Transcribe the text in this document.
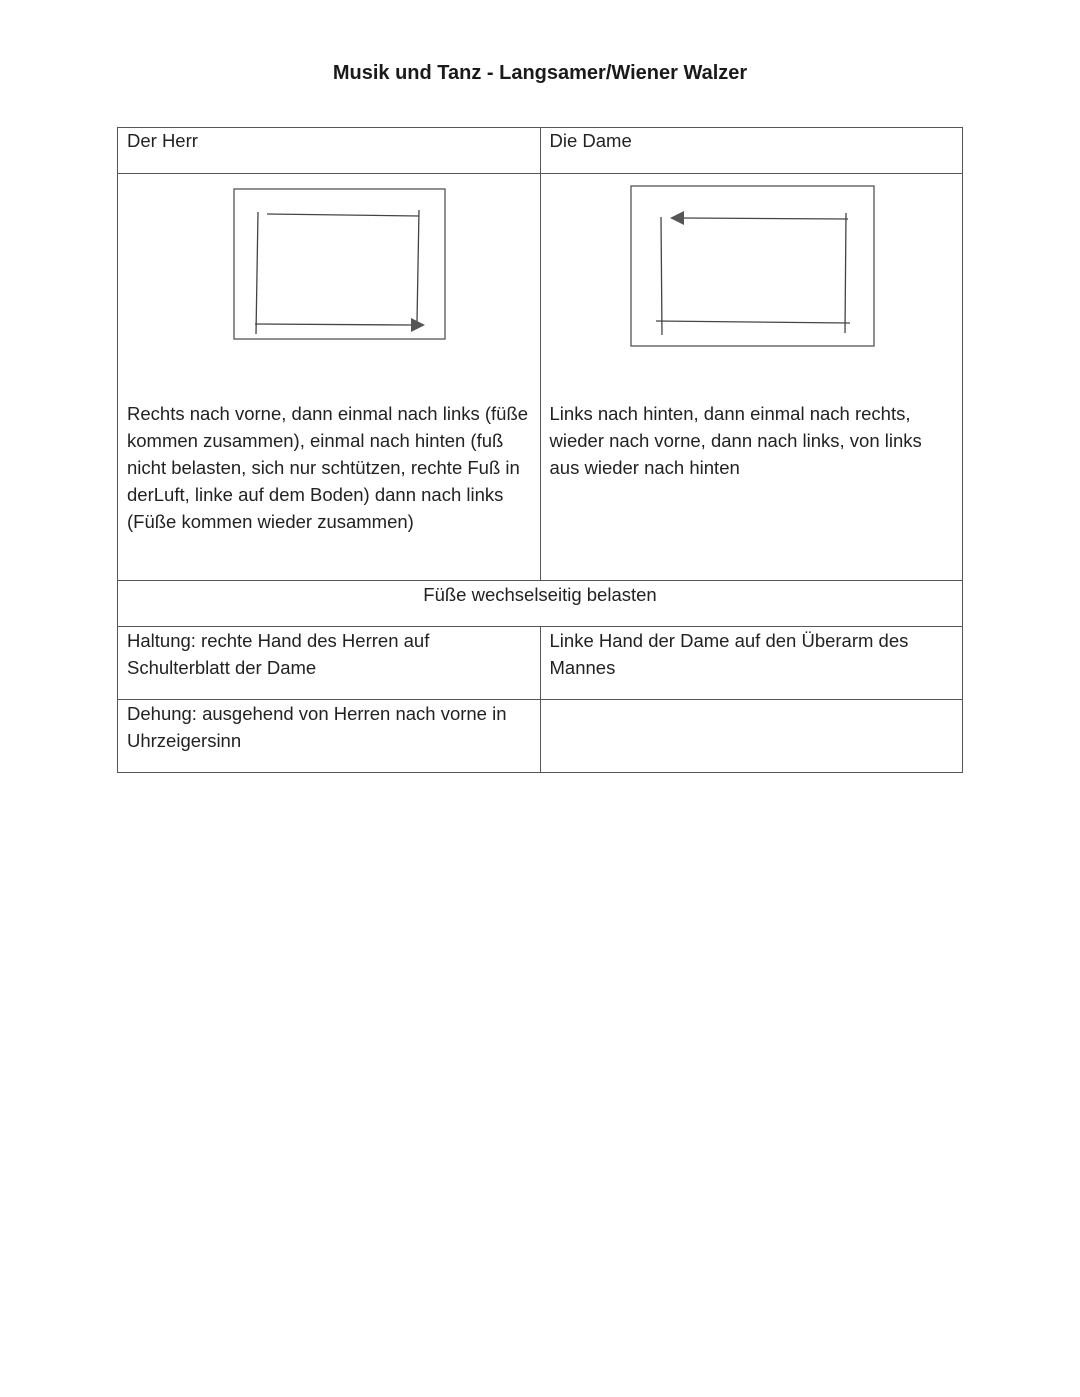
Musik und Tanz - Langsamer/Wiener Walzer
Der Herr	Die Dame

Rechts nach vorne, dann einmal nach links (füße kommen zusammen), einmal nach hinten (fuß nicht belasten, sich nur schtützen, rechte Fuß in derLuft, linke auf dem Boden) dann nach links (Füße kommen wieder zusammen)	Links nach hinten, dann einmal nach rechts, wieder nach vorne, dann nach links, von links aus wieder nach hinten

Füße wechselseitig belasten	
Haltung: rechte Hand des Herren auf Schulterblatt der Dame	Linke Hand der Dame auf den Überarm des Mannes
Dehung: ausgehend von Herren nach vorne in Uhrzeigersinn	
